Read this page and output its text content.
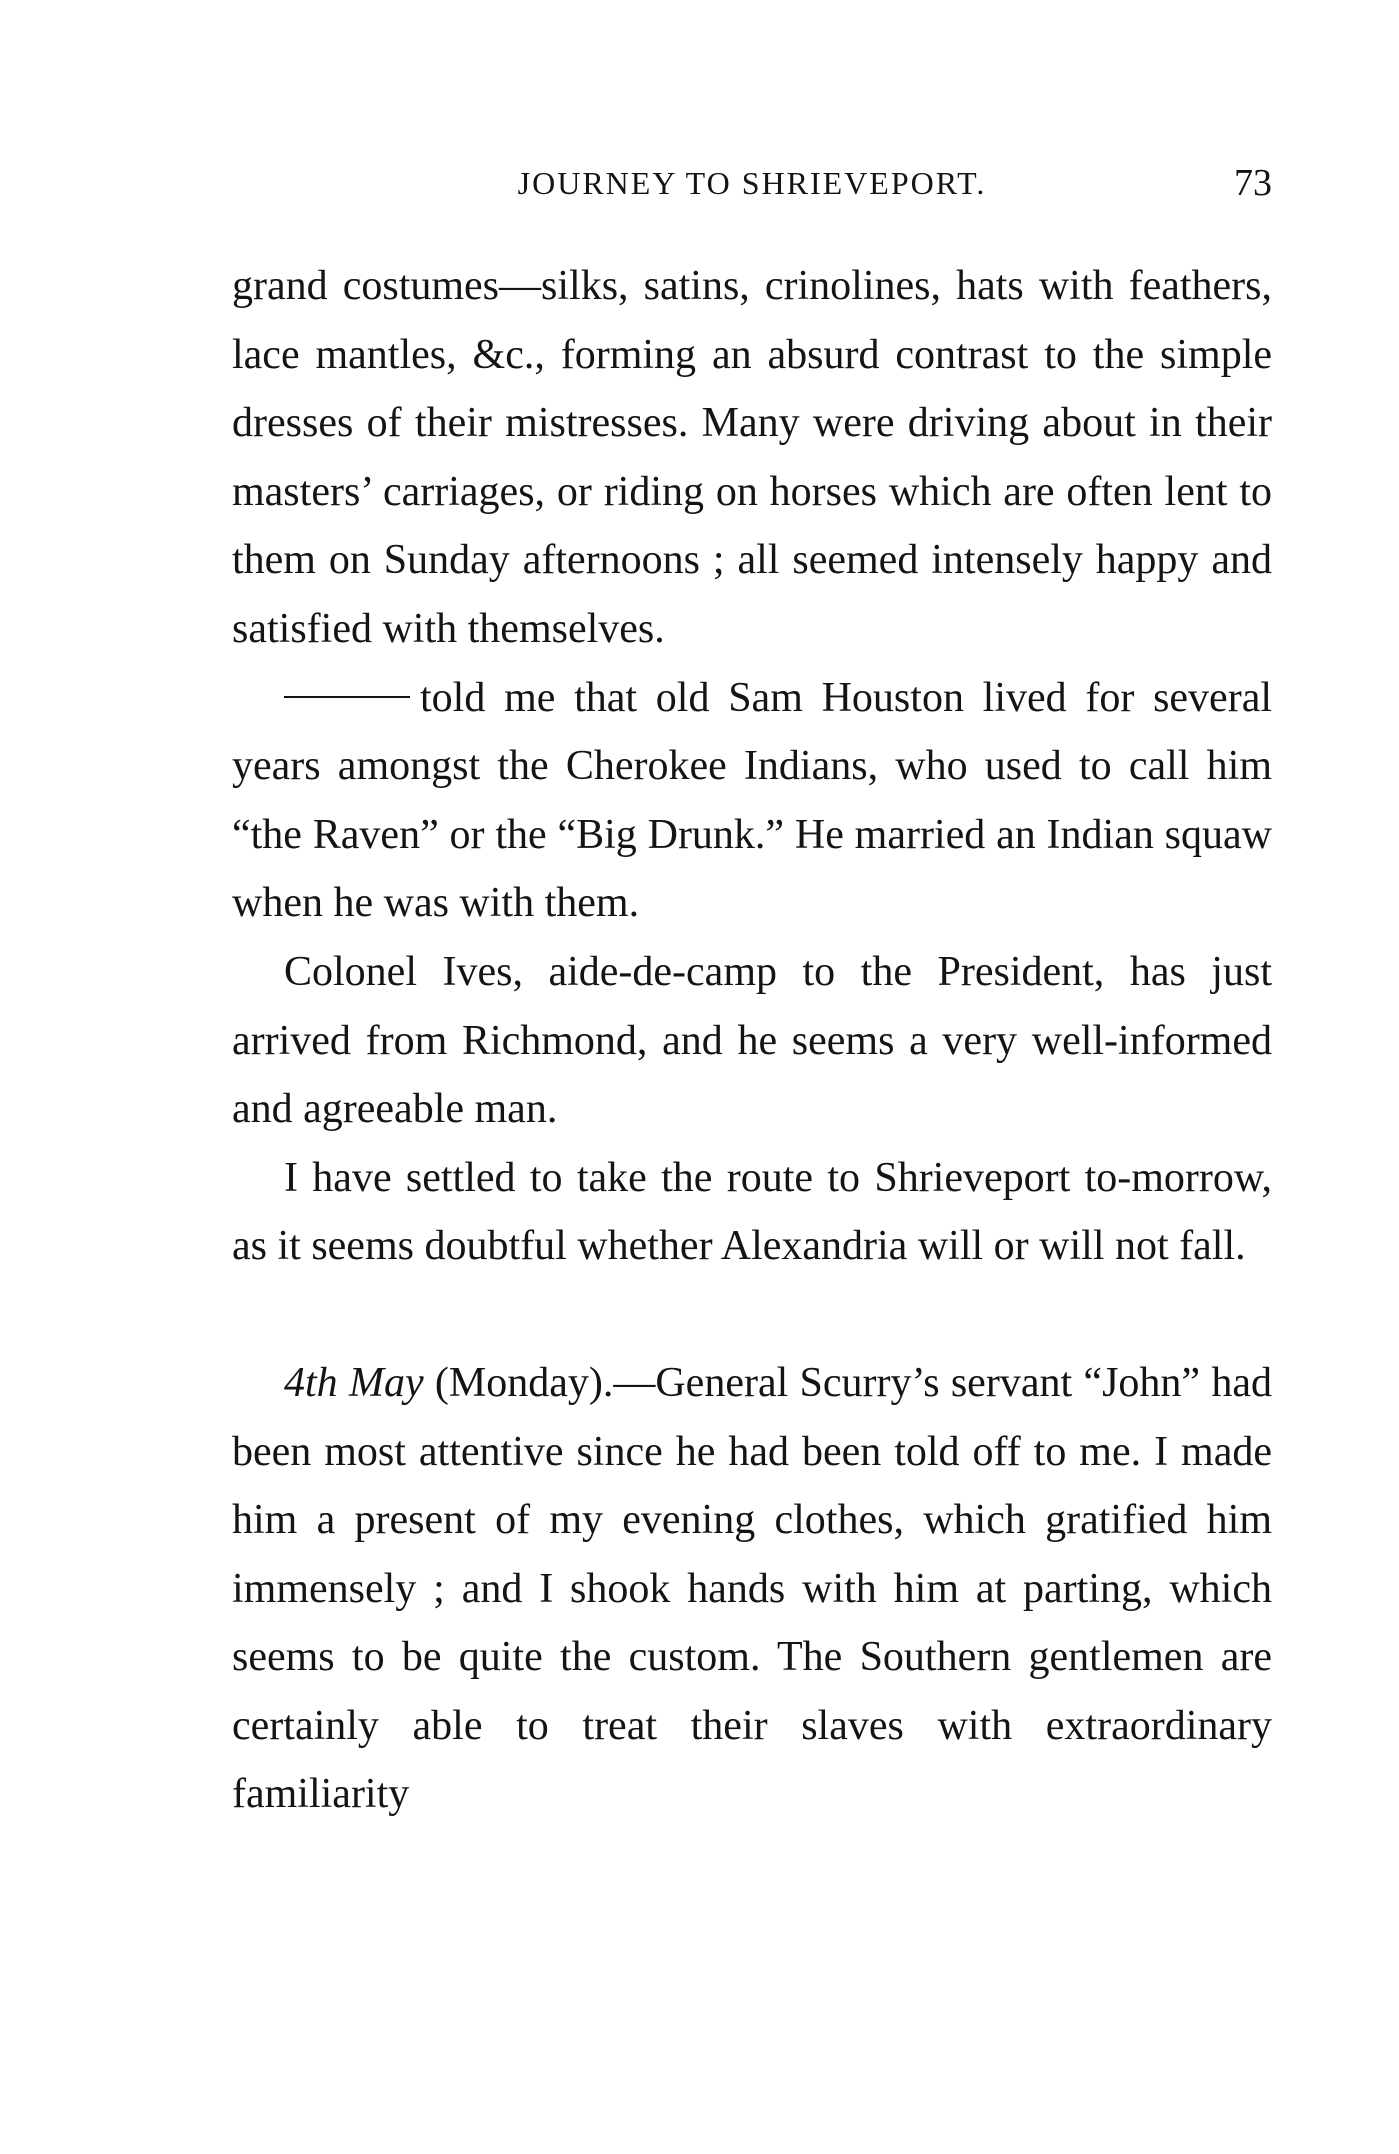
JOURNEY TO SHRIEVEPORT.	73

grand costumes—silks, satins, crinolines, hats with feathers, lace mantles, &c., forming an absurd contrast to the simple dresses of their mistresses. Many were driving about in their masters’ carriages, or riding on horses which are often lent to them on Sunday afternoons ; all seemed intensely happy and satisfied with themselves.

told me that old Sam Houston lived for several years amongst the Cherokee Indians, who used to call him “the Raven” or the “Big Drunk.” He married an Indian squaw when he was with them.

Colonel Ives, aide-de-camp to the President, has just arrived from Richmond, and he seems a very well-informed and agreeable man.

I have settled to take the route to Shrieveport to-morrow, as it seems doubtful whether Alexandria will or will not fall.

4th May (Monday).—General Scurry’s servant “John” had been most attentive since he had been told off to me. I made him a present of my evening clothes, which gratified him immensely ; and I shook hands with him at parting, which seems to be quite the custom. The Southern gentlemen are certainly able to treat their slaves with extraordinary familiarity
